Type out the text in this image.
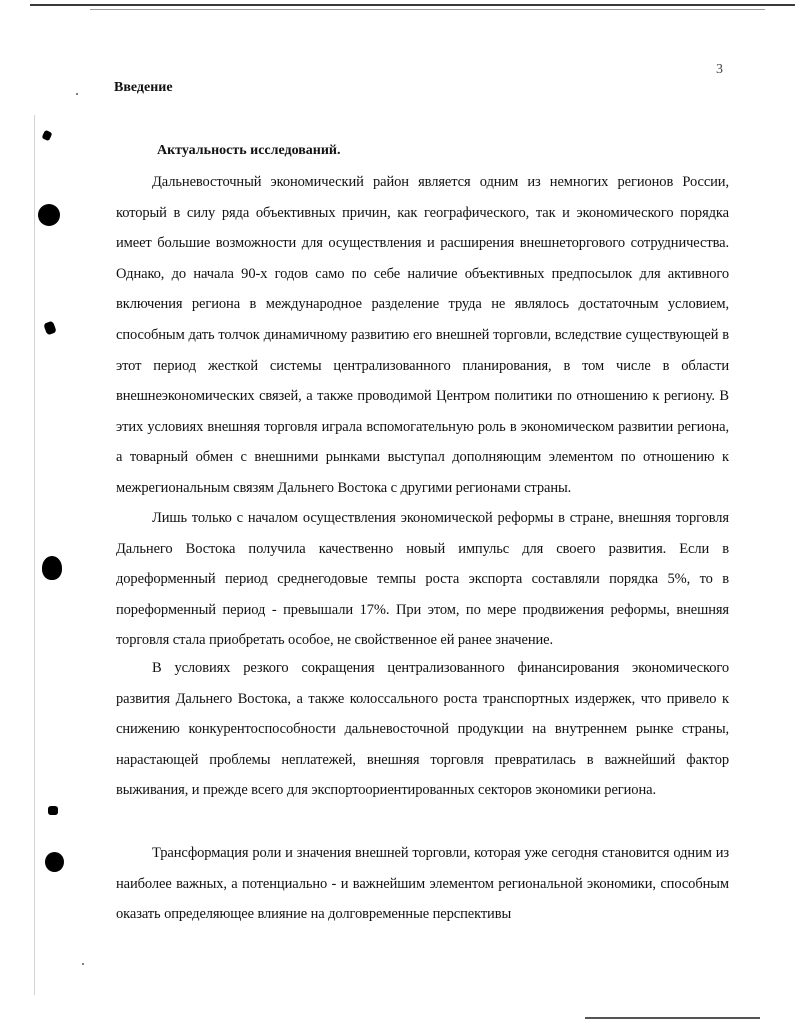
3
Введение
Актуальность исследований.

Дальневосточный экономический район является одним из немногих регионов России, который в силу ряда объективных причин, как географического, так и экономического порядка имеет большие возможности для осуществления и расширения внешнеторгового сотрудничества. Однако, до начала 90-х годов само по себе наличие объективных предпосылок для активного включения региона в международное разделение труда не являлось достаточным условием, способным дать толчок динамичному развитию его внешней торговли, вследствие существующей в этот период жесткой системы централизованного планирования, в том числе в области внешнеэкономических связей, а также проводимой Центром политики по отношению к региону. В этих условиях внешняя торговля играла вспомогательную роль в экономическом развитии региона, а товарный обмен с внешними рынками выступал дополняющим элементом по отношению к межрегиональным связям Дальнего Востока с другими регионами страны.

Лишь только с началом осуществления экономической реформы в стране, внешняя торговля Дальнего Востока получила качественно новый импульс для своего развития. Если в дореформенный период среднегодовые темпы роста экспорта составляли порядка 5%, то в пореформенный период - превышали 17%. При этом, по мере продвижения реформы, внешняя торговля стала приобретать особое, не свойственное ей ранее значение.

В условиях резкого сокращения централизованного финансирования экономического развития Дальнего Востока, а также колоссального роста транспортных издержек, что привело к снижению конкурентоспособности дальневосточной продукции на внутреннем рынке страны, нарастающей проблемы неплатежей, внешняя торговля превратилась в важнейший фактор выживания, и прежде всего для экспортоориентированных секторов экономики региона.

Трансформация роли и значения внешней торговли, которая уже сегодня становится одним из наиболее важных, а потенциально - и важнейшим элементом региональной экономики, способным оказать определяющее влияние на долговременные перспективы
